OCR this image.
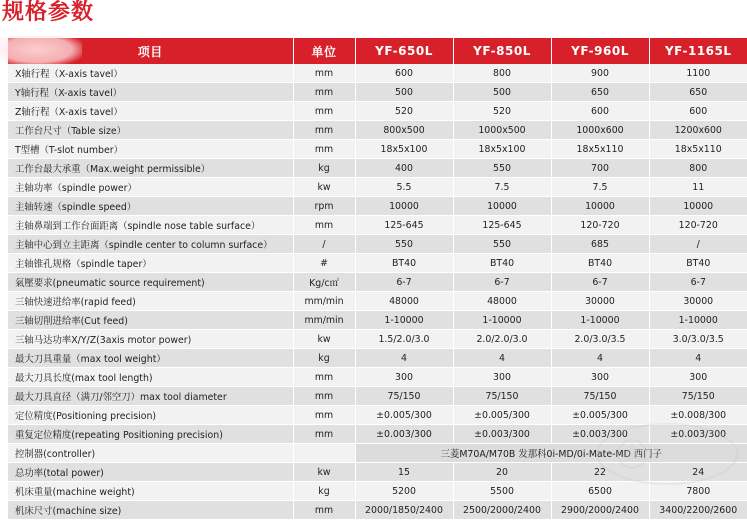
规格参数
项目	单位	YF-650L	YF-850L	YF-960L	YF-1165L
X轴行程（X-axis tavel）	mm	600	800	900	1100
Y轴行程（X-axis tavel）	mm	500	500	650	650
Z轴行程（X-axis tavel）	mm	520	520	600	600
工作台尺寸（Table size）	mm	800x500	1000x500	1000x600	1200x600
T型槽（T-slot number）	mm	18x5x100	18x5x100	18x5x110	18x5x110
工作台最大承重（Max.weight permissible）	kg	400	550	700	800
主轴功率（spindle power）	kw	5.5	7.5	7.5	11
主轴转速（spindle speed）	rpm	10000	10000	10000	10000
主轴鼻端到工作台面距离（spindle nose table surface）	mm	125-645	125-645	120-720	120-720
主轴中心到立主距离（spindle center to column surface）	/	550	550	685	/
主轴锥孔规格（spindle taper）	#	BT40	BT40	BT40	BT40
氣壓要求(pneumatic source requirement)	Kg/c㎡	6-7	6-7	6-7	6-7
三轴快速进给率(rapid feed)	mm/min	48000	48000	30000	30000
三轴切削进给率(Cut feed)	mm/min	1-10000	1-10000	1-10000	1-10000
三轴马达功率X/Y/Z(3axis motor power)	kw	1.5/2.0/3.0	2.0/2.0/3.0	2.0/3.0/3.5	3.0/3.0/3.5
最大刀具重量（max tool weight）	kg	4	4	4	4
最大刀具长度(max tool length)	mm	300	300	300	300
最大刀具直径（满刀/邻空刀）max tool diameter	mm	75/150	75/150	75/150	75/150
定位精度(Positioning precision)	mm	±0.005/300	±0.005/300	±0.005/300	±0.008/300
重复定位精度(repeating Positioning precision)	mm	±0.003/300	±0.003/300	±0.003/300	±0.003/300
控制器(controller)		三菱M70A/M70B 发那科0i-MD/0i-Mate-MD 西门子			
总功率(total power)	kw	15	20	22	24
机床重量(machine weight)	kg	5200	5500	6500	7800
机床尺寸(machine size)	mm	2000/1850/2400	2500/2000/2400	2900/2000/2400	3400/2200/2600
